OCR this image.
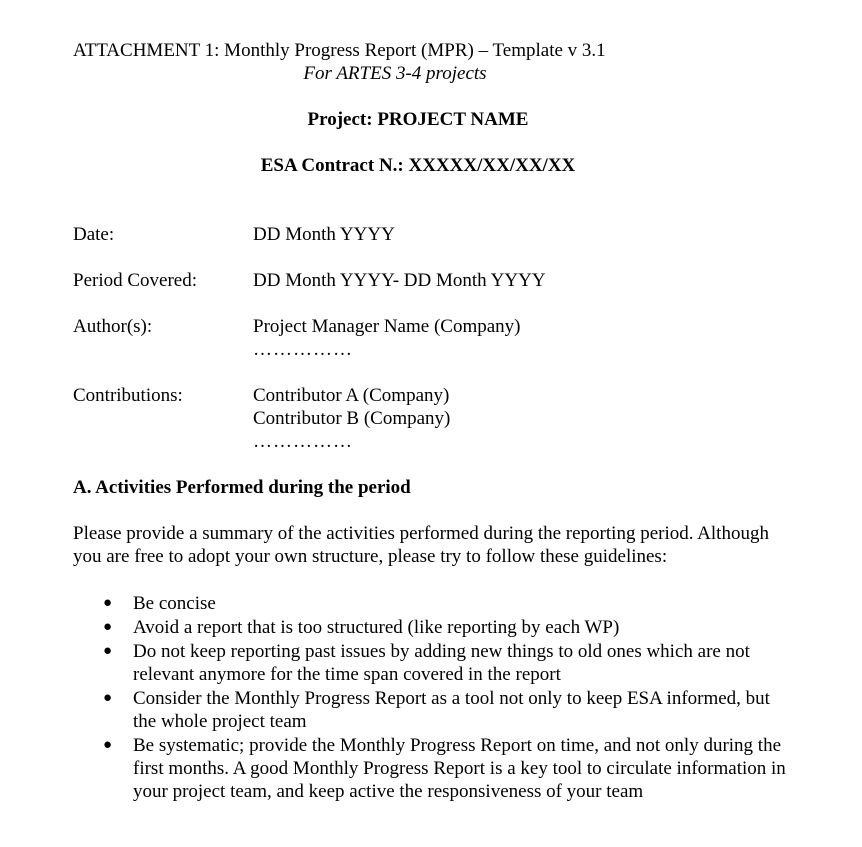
ATTACHMENT 1: Monthly Progress Report (MPR) – Template v 3.1
For ARTES 3-4 projects
Project: PROJECT NAME
ESA Contract N.: XXXXX/XX/XX/XX
Date:	DD Month YYYY
Period Covered:	DD Month YYYY- DD Month YYYY
Author(s):	Project Manager Name (Company)
……………
Contributions:	Contributor A (Company)
Contributor B (Company)
……………
A. Activities Performed during the period
Please provide a summary of the activities performed during the reporting period. Although you are free to adopt your own structure, please try to follow these guidelines:
● Be concise
● Avoid a report that is too structured (like reporting by each WP)
● Do not keep reporting past issues by adding new things to old ones which are not relevant anymore for the time span covered in the report
● Consider the Monthly Progress Report as a tool not only to keep ESA informed, but the whole project team
● Be systematic; provide the Monthly Progress Report on time, and not only during the first months. A good Monthly Progress Report is a key tool to circulate information in your project team, and keep active the responsiveness of your team
